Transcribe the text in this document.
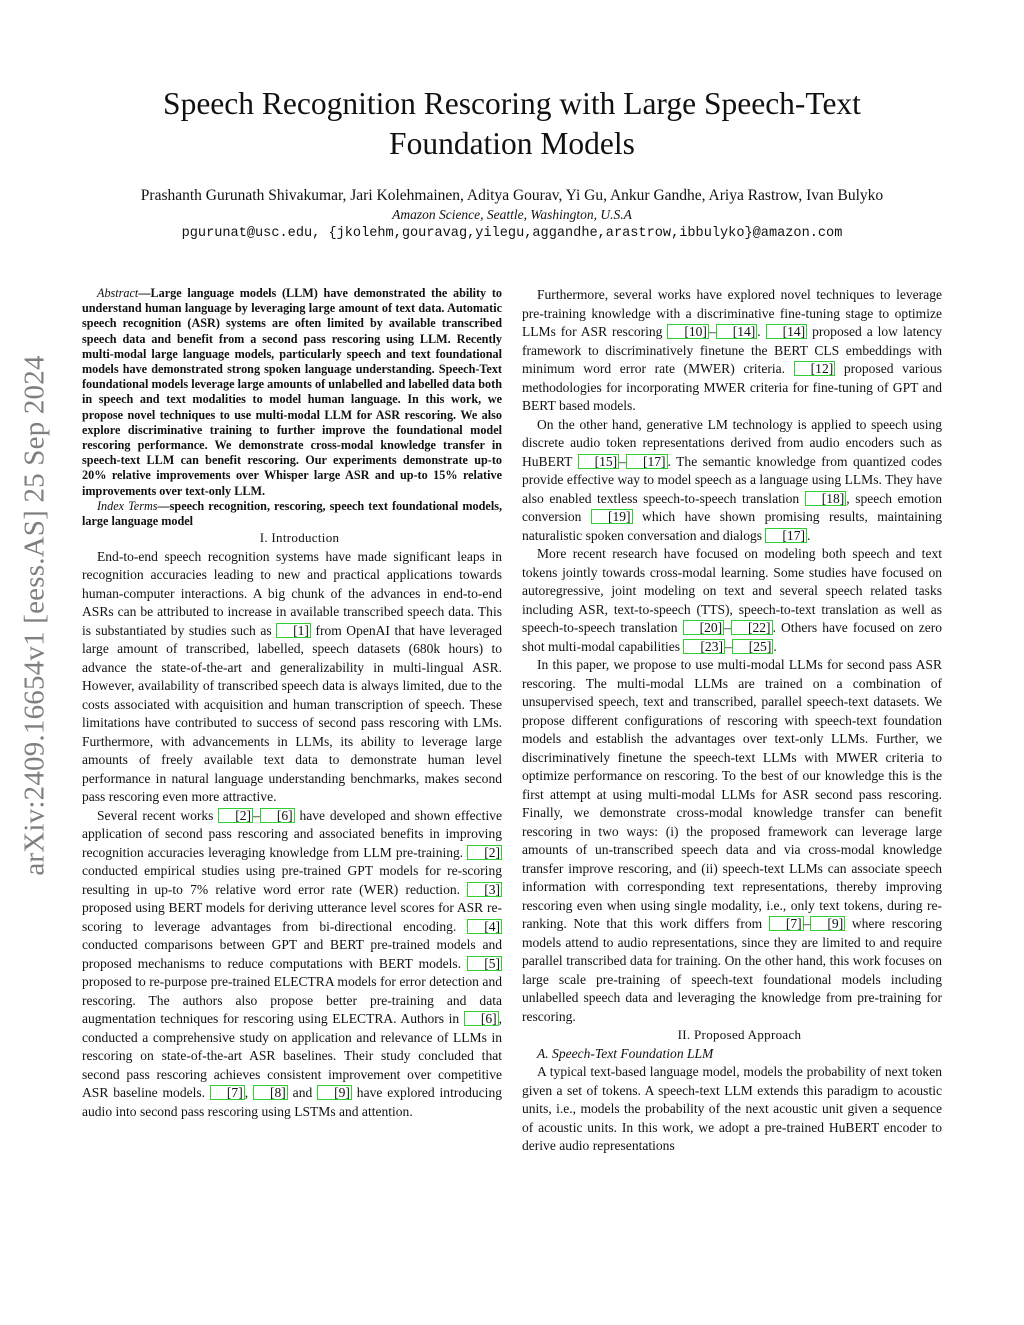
arXiv:2409.16654v1 [eess.AS] 25 Sep 2024
Speech Recognition Rescoring with Large Speech-Text
Foundation Models
Prashanth Gurunath Shivakumar, Jari Kolehmainen, Aditya Gourav, Yi Gu, Ankur Gandhe, Ariya Rastrow, Ivan Bulyko
Amazon Science, Seattle, Washington, U.S.A
pgurunat@usc.edu, {jkolehm,gouravag,yilegu,aggandhe,arastrow,ibbulyko}@amazon.com

Abstract—Large language models (LLM) have demonstrated the ability to understand human language by leveraging large amount of text data. Automatic speech recognition (ASR) systems are often limited by available transcribed speech data and benefit from a second pass rescoring using LLM. Recently multi-modal large language models, particularly speech and text foundational models have demonstrated strong spoken language understanding. Speech-Text foundational models leverage large amounts of unlabelled and labelled data both in speech and text modalities to model human language. In this work, we propose novel techniques to use multi-modal LLM for ASR rescoring. We also explore discriminative training to further improve the foundational model rescoring performance. We demonstrate cross-modal knowledge transfer in speech-text LLM can benefit rescoring. Our experiments demonstrate up-to 20% relative improvements over Whisper large ASR and up-to 15% relative improvements over text-only LLM.

Index Terms—speech recognition, rescoring, speech text foundational models, large language model

I. Introduction

End-to-end speech recognition systems have made significant leaps in recognition accuracies leading to new and practical applications towards human-computer interactions. A big chunk of the advances in end-to-end ASRs can be attributed to increase in available transcribed speech data. This is substantiated by studies such as [1] from OpenAI that have leveraged large amount of transcribed, labelled, speech datasets (680k hours) to advance the state-of-the-art and generalizability in multi-lingual ASR. However, availability of transcribed speech data is always limited, due to the costs associated with acquisition and human transcription of speech. These limitations have contributed to success of second pass rescoring with LMs. Furthermore, with advancements in LLMs, its ability to leverage large amounts of freely available text data to demonstrate human level performance in natural language understanding benchmarks, makes second pass rescoring even more attractive.

Several recent works [2] – [6] have developed and shown effective application of second pass rescoring and associated benefits in improving recognition accuracies leveraging knowledge from LLM pre-training. [2] conducted empirical studies using pre-trained GPT models for re-scoring resulting in up-to 7% relative word error rate (WER) reduction. [3] proposed using BERT models for deriving utterance level scores for ASR re-scoring to leverage advantages from bi-directional encoding. [4] conducted comparisons between GPT and BERT pre-trained models and proposed mechanisms to reduce computations with BERT models. [5] proposed to re-purpose pre-trained ELECTRA models for error detection and rescoring. The authors also propose better pre-training and data augmentation techniques for rescoring using ELECTRA. Authors in [6] , conducted a comprehensive study on application and relevance of LLMs in rescoring on state-of-the-art ASR baselines. Their study concluded that second pass rescoring achieves consistent improvement over competitive ASR baseline models. [7] , [8] and [9] have explored introducing audio into second pass rescoring using LSTMs and attention.

Furthermore, several works have explored novel techniques to leverage pre-training knowledge with a discriminative fine-tuning stage to optimize LLMs for ASR rescoring [10] – [14] . [14] proposed a low latency framework to discriminatively finetune the BERT CLS embeddings with minimum word error rate (MWER) criteria. [12] proposed various methodologies for incorporating MWER criteria for fine-tuning of GPT and BERT based models.

On the other hand, generative LM technology is applied to speech using discrete audio token representations derived from audio encoders such as HuBERT [15] – [17] . The semantic knowledge from quantized codes provide effective way to model speech as a language using LLMs. They have also enabled textless speech-to-speech translation [18] , speech emotion conversion [19] which have shown promising results, maintaining naturalistic spoken conversation and dialogs [17] .

More recent research have focused on modeling both speech and text tokens jointly towards cross-modal learning. Some studies have focused on autoregressive, joint modeling on text and several speech related tasks including ASR, text-to-speech (TTS), speech-to-text translation as well as speech-to-speech translation [20] – [22] . Others have focused on zero shot multi-modal capabilities [23] – [25] .

In this paper, we propose to use multi-modal LLMs for second pass ASR rescoring. The multi-modal LLMs are trained on a combination of unsupervised speech, text and transcribed, parallel speech-text datasets. We propose different configurations of rescoring with speech-text foundation models and establish the advantages over text-only LLMs. Further, we discriminatively finetune the speech-text LLMs with MWER criteria to optimize performance on rescoring. To the best of our knowledge this is the first attempt at using multi-modal LLMs for ASR second pass rescoring. Finally, we demonstrate cross-modal knowledge transfer can benefit rescoring in two ways: (i) the proposed framework can leverage large amounts of un-transcribed speech data and via cross-modal knowledge transfer improve rescoring, and (ii) speech-text LLMs can associate speech information with corresponding text representations, thereby improving rescoring even when using single modality, i.e., only text tokens, during re-ranking. Note that this work differs from [7] – [9] where rescoring models attend to audio representations, since they are limited to and require parallel transcribed data for training. On the other hand, this work focuses on large scale pre-training of speech-text foundational models including unlabelled speech data and leveraging the knowledge from pre-training for rescoring.

II. Proposed Approach

A. Speech-Text Foundation LLM

A typical text-based language model, models the probability of next token given a set of tokens. A speech-text LLM extends this paradigm to acoustic units, i.e., models the probability of the next acoustic unit given a sequence of acoustic units. In this work, we adopt a pre-trained HuBERT encoder to derive audio representations
